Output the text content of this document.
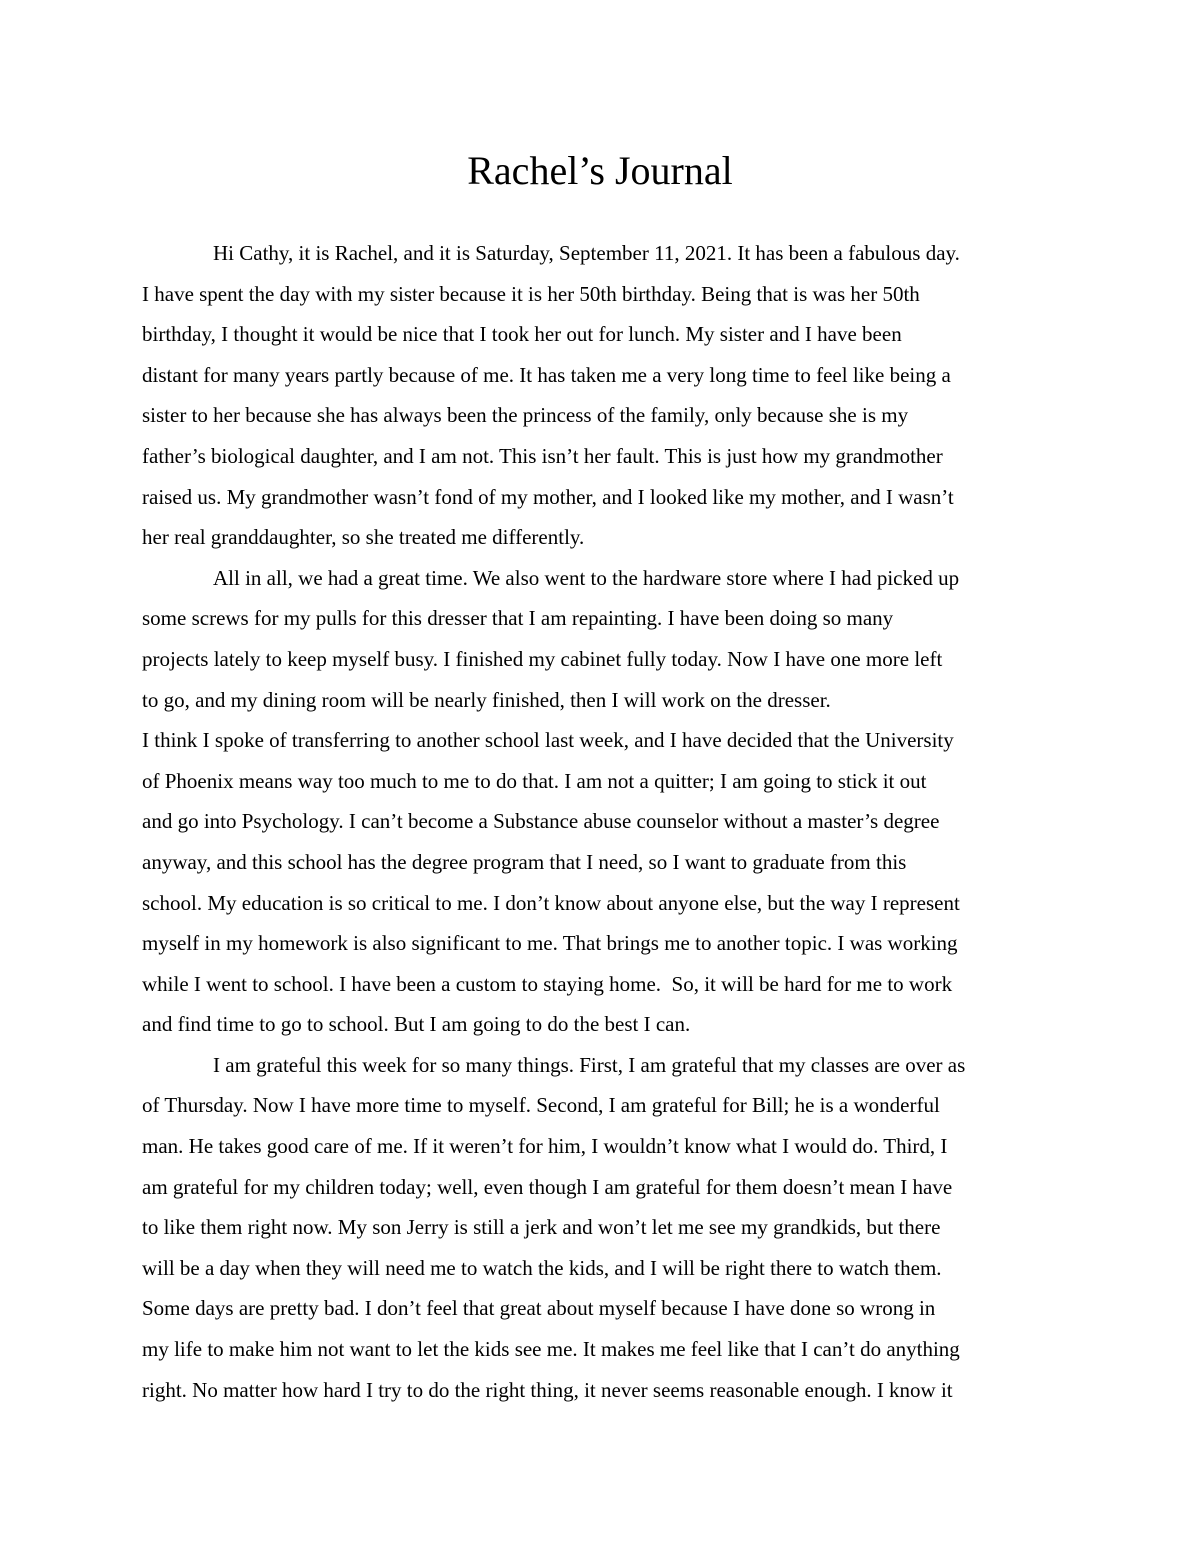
Rachel’s Journal
Hi Cathy, it is Rachel, and it is Saturday, September 11, 2021. It has been a fabulous day.
I have spent the day with my sister because it is her 50th birthday. Being that is was her 50th
birthday, I thought it would be nice that I took her out for lunch. My sister and I have been
distant for many years partly because of me. It has taken me a very long time to feel like being a
sister to her because she has always been the princess of the family, only because she is my
father’s biological daughter, and I am not. This isn’t her fault. This is just how my grandmother
raised us. My grandmother wasn’t fond of my mother, and I looked like my mother, and I wasn’t
her real granddaughter, so she treated me differently.
All in all, we had a great time. We also went to the hardware store where I had picked up
some screws for my pulls for this dresser that I am repainting. I have been doing so many
projects lately to keep myself busy. I finished my cabinet fully today. Now I have one more left
to go, and my dining room will be nearly finished, then I will work on the dresser.
I think I spoke of transferring to another school last week, and I have decided that the University
of Phoenix means way too much to me to do that. I am not a quitter; I am going to stick it out
and go into Psychology. I can’t become a Substance abuse counselor without a master’s degree
anyway, and this school has the degree program that I need, so I want to graduate from this
school. My education is so critical to me. I don’t know about anyone else, but the way I represent
myself in my homework is also significant to me. That brings me to another topic. I was working
while I went to school. I have been a custom to staying home.  So, it will be hard for me to work
and find time to go to school. But I am going to do the best I can.
I am grateful this week for so many things. First, I am grateful that my classes are over as
of Thursday. Now I have more time to myself. Second, I am grateful for Bill; he is a wonderful
man. He takes good care of me. If it weren’t for him, I wouldn’t know what I would do. Third, I
am grateful for my children today; well, even though I am grateful for them doesn’t mean I have
to like them right now. My son Jerry is still a jerk and won’t let me see my grandkids, but there
will be a day when they will need me to watch the kids, and I will be right there to watch them.
Some days are pretty bad. I don’t feel that great about myself because I have done so wrong in
my life to make him not want to let the kids see me. It makes me feel like that I can’t do anything
right. No matter how hard I try to do the right thing, it never seems reasonable enough. I know it
